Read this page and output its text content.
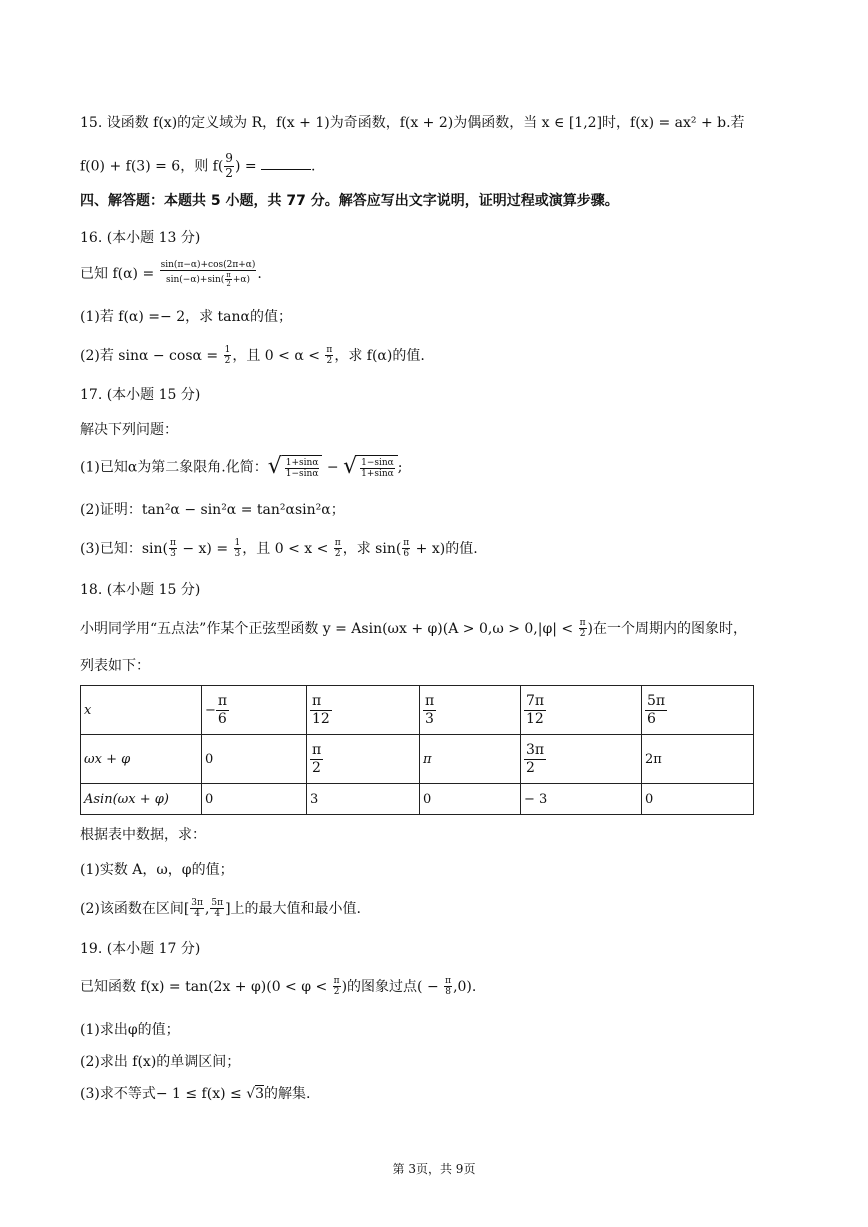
15. 设函数 f(x)的定义域为 R，f(x + 1)为奇函数，f(x + 2)为偶函数，当 x ∈ [1,2]时，f(x) = ax² + b.若
f(0) + f(3) = 6，则 $f( \frac{9}{2}$ ) =	.
四、解答题：本题共 5 小题，共 77 分。解答应写出文字说明，证明过程或演算步骤。
16. (本小题 13 分)
已知 $f(\alpha) = \frac{\sin(\pi-\alpha)+\cos(2\pi+\alpha)}{\sin(-\alpha)+\sin( \frac{\pi}{2} +\alpha)}$ .
(1)若 f(α) =− 2，求 tanα的值；
(2)若 $\sin\alpha - \cos\alpha = \frac{1}{2}$ ，且 $0 < \alpha < \frac{\pi}{2}$ ，求 f(α)的值.
17. (本小题 15 分)
解决下列问题：
(1)已知α为第二象限角.化简：√ $\frac{1+\sin\alpha}{1-\sin\alpha}$ − √ $\frac{1-\sin\alpha}{1+\sin\alpha}$ ;
(2)证明：tan²α − sin²α = tan²αsin²α；
(3)已知：$\sin( \frac{\pi}{3} - x) = \frac{1}{3}$ ，且 $0 < x < \frac{\pi}{2}$ ，求 $\sin( \frac{\pi}{6} + x)$的值.
18. (本小题 15 分)
小明同学用“五点法”作某个正弦型函数 $y = Asin(\omega x + \varphi)(A > 0,\omega > 0,|\varphi| < \frac{\pi}{2}$ )在一个周期内的图象时，
列表如下：
x	− $\frac{\pi}{6}$	$\frac{\pi}{12}$	$\frac{\pi}{3}$	$\frac{7\pi}{12}$	$\frac{5\pi}{6}$

ωx + φ	0	$\frac{\pi}{2}$	π	$\frac{3\pi}{2}$	2π
Asin(ωx + φ)	0	3	0	− 3	0
根据表中数据，求：
(1)实数 A，ω，φ的值；
(2)该函数在区间[ $\frac{3\pi}{4}$ , $\frac{5\pi}{4}$ ]上的最大值和最小值.
19. (本小题 17 分)
已知函数 $f(x) = \tan(2x + \varphi)(0 < \varphi < \frac{\pi}{2}$ )的图象过点( − $\frac{\pi}{8} ,0$).
(1)求出φ的值；
(2)求出 f(x)的单调区间；
(3)求不等式− 1 ≤ f(x) ≤ √3的解集.
第 3页，共 9页
